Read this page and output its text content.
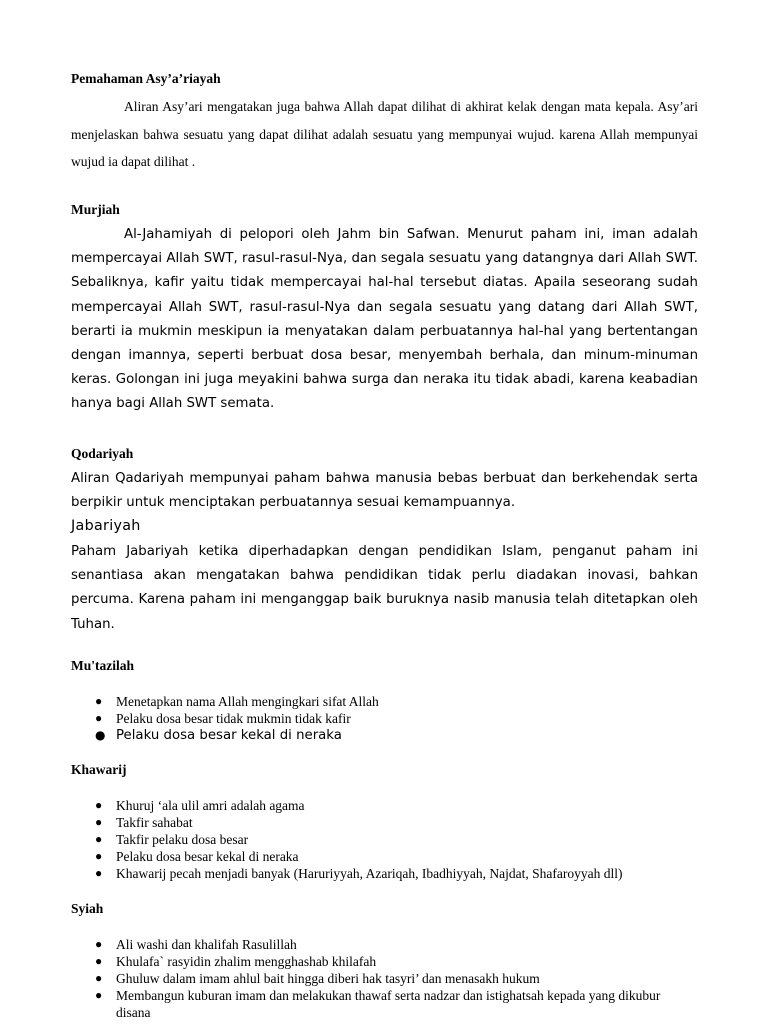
Pemahaman Asy’a’riayah

Aliran Asy’ari mengatakan juga bahwa Allah dapat dilihat di akhirat kelak dengan mata kepala. Asy’ari menjelaskan bahwa sesuatu yang dapat dilihat adalah sesuatu yang mempunyai wujud. karena Allah mempunyai wujud ia dapat dilihat .

Murjiah

Al-Jahamiyah di pelopori oleh Jahm bin Safwan. Menurut paham ini, iman adalah mempercayai Allah SWT, rasul-rasul-Nya, dan segala sesuatu yang datangnya dari Allah SWT. Sebaliknya, kafir yaitu tidak mempercayai hal-hal tersebut diatas. Apaila seseorang sudah mempercayai Allah SWT, rasul-rasul-Nya dan segala sesuatu yang datang dari Allah SWT, berarti ia mukmin meskipun ia menyatakan dalam perbuatannya hal-hal yang bertentangan dengan imannya, seperti berbuat dosa besar, menyembah berhala, dan minum-minuman keras. Golongan ini juga meyakini bahwa surga dan neraka itu tidak abadi, karena keabadian hanya bagi Allah SWT semata.

Qodariyah

Aliran Qadariyah mempunyai paham bahwa manusia bebas berbuat dan berkehendak serta berpikir untuk menciptakan perbuatannya sesuai kemampuannya.

Jabariyah

Paham Jabariyah ketika diperhadapkan dengan pendidikan Islam, penganut paham ini senantiasa akan mengatakan bahwa pendidikan tidak perlu diadakan inovasi, bahkan percuma. Karena paham ini menganggap baik buruknya nasib manusia telah ditetapkan oleh Tuhan.

Mu'tazilah
● Menetapkan nama Allah mengingkari sifat Allah
● Pelaku dosa besar tidak mukmin tidak kafir
● Pelaku dosa besar kekal di neraka
Khawarij
● Khuruj ‘ala ulil amri adalah agama
● Takfir sahabat
● Takfir pelaku dosa besar
● Pelaku dosa besar kekal di neraka
● Khawarij pecah menjadi banyak (Haruriyyah, Azariqah, Ibadhiyyah, Najdat, Shafaroyyah dll)
Syiah
● Ali washi dan khalifah Rasulillah
● Khulafa` rasyidin zhalim mengghashab khilafah
● Ghuluw dalam imam ahlul bait hingga diberi hak tasyri’ dan menasakh hukum
● Membangun kuburan imam dan melakukan thawaf serta nadzar dan istighatsah kepada yang dikubur disana
